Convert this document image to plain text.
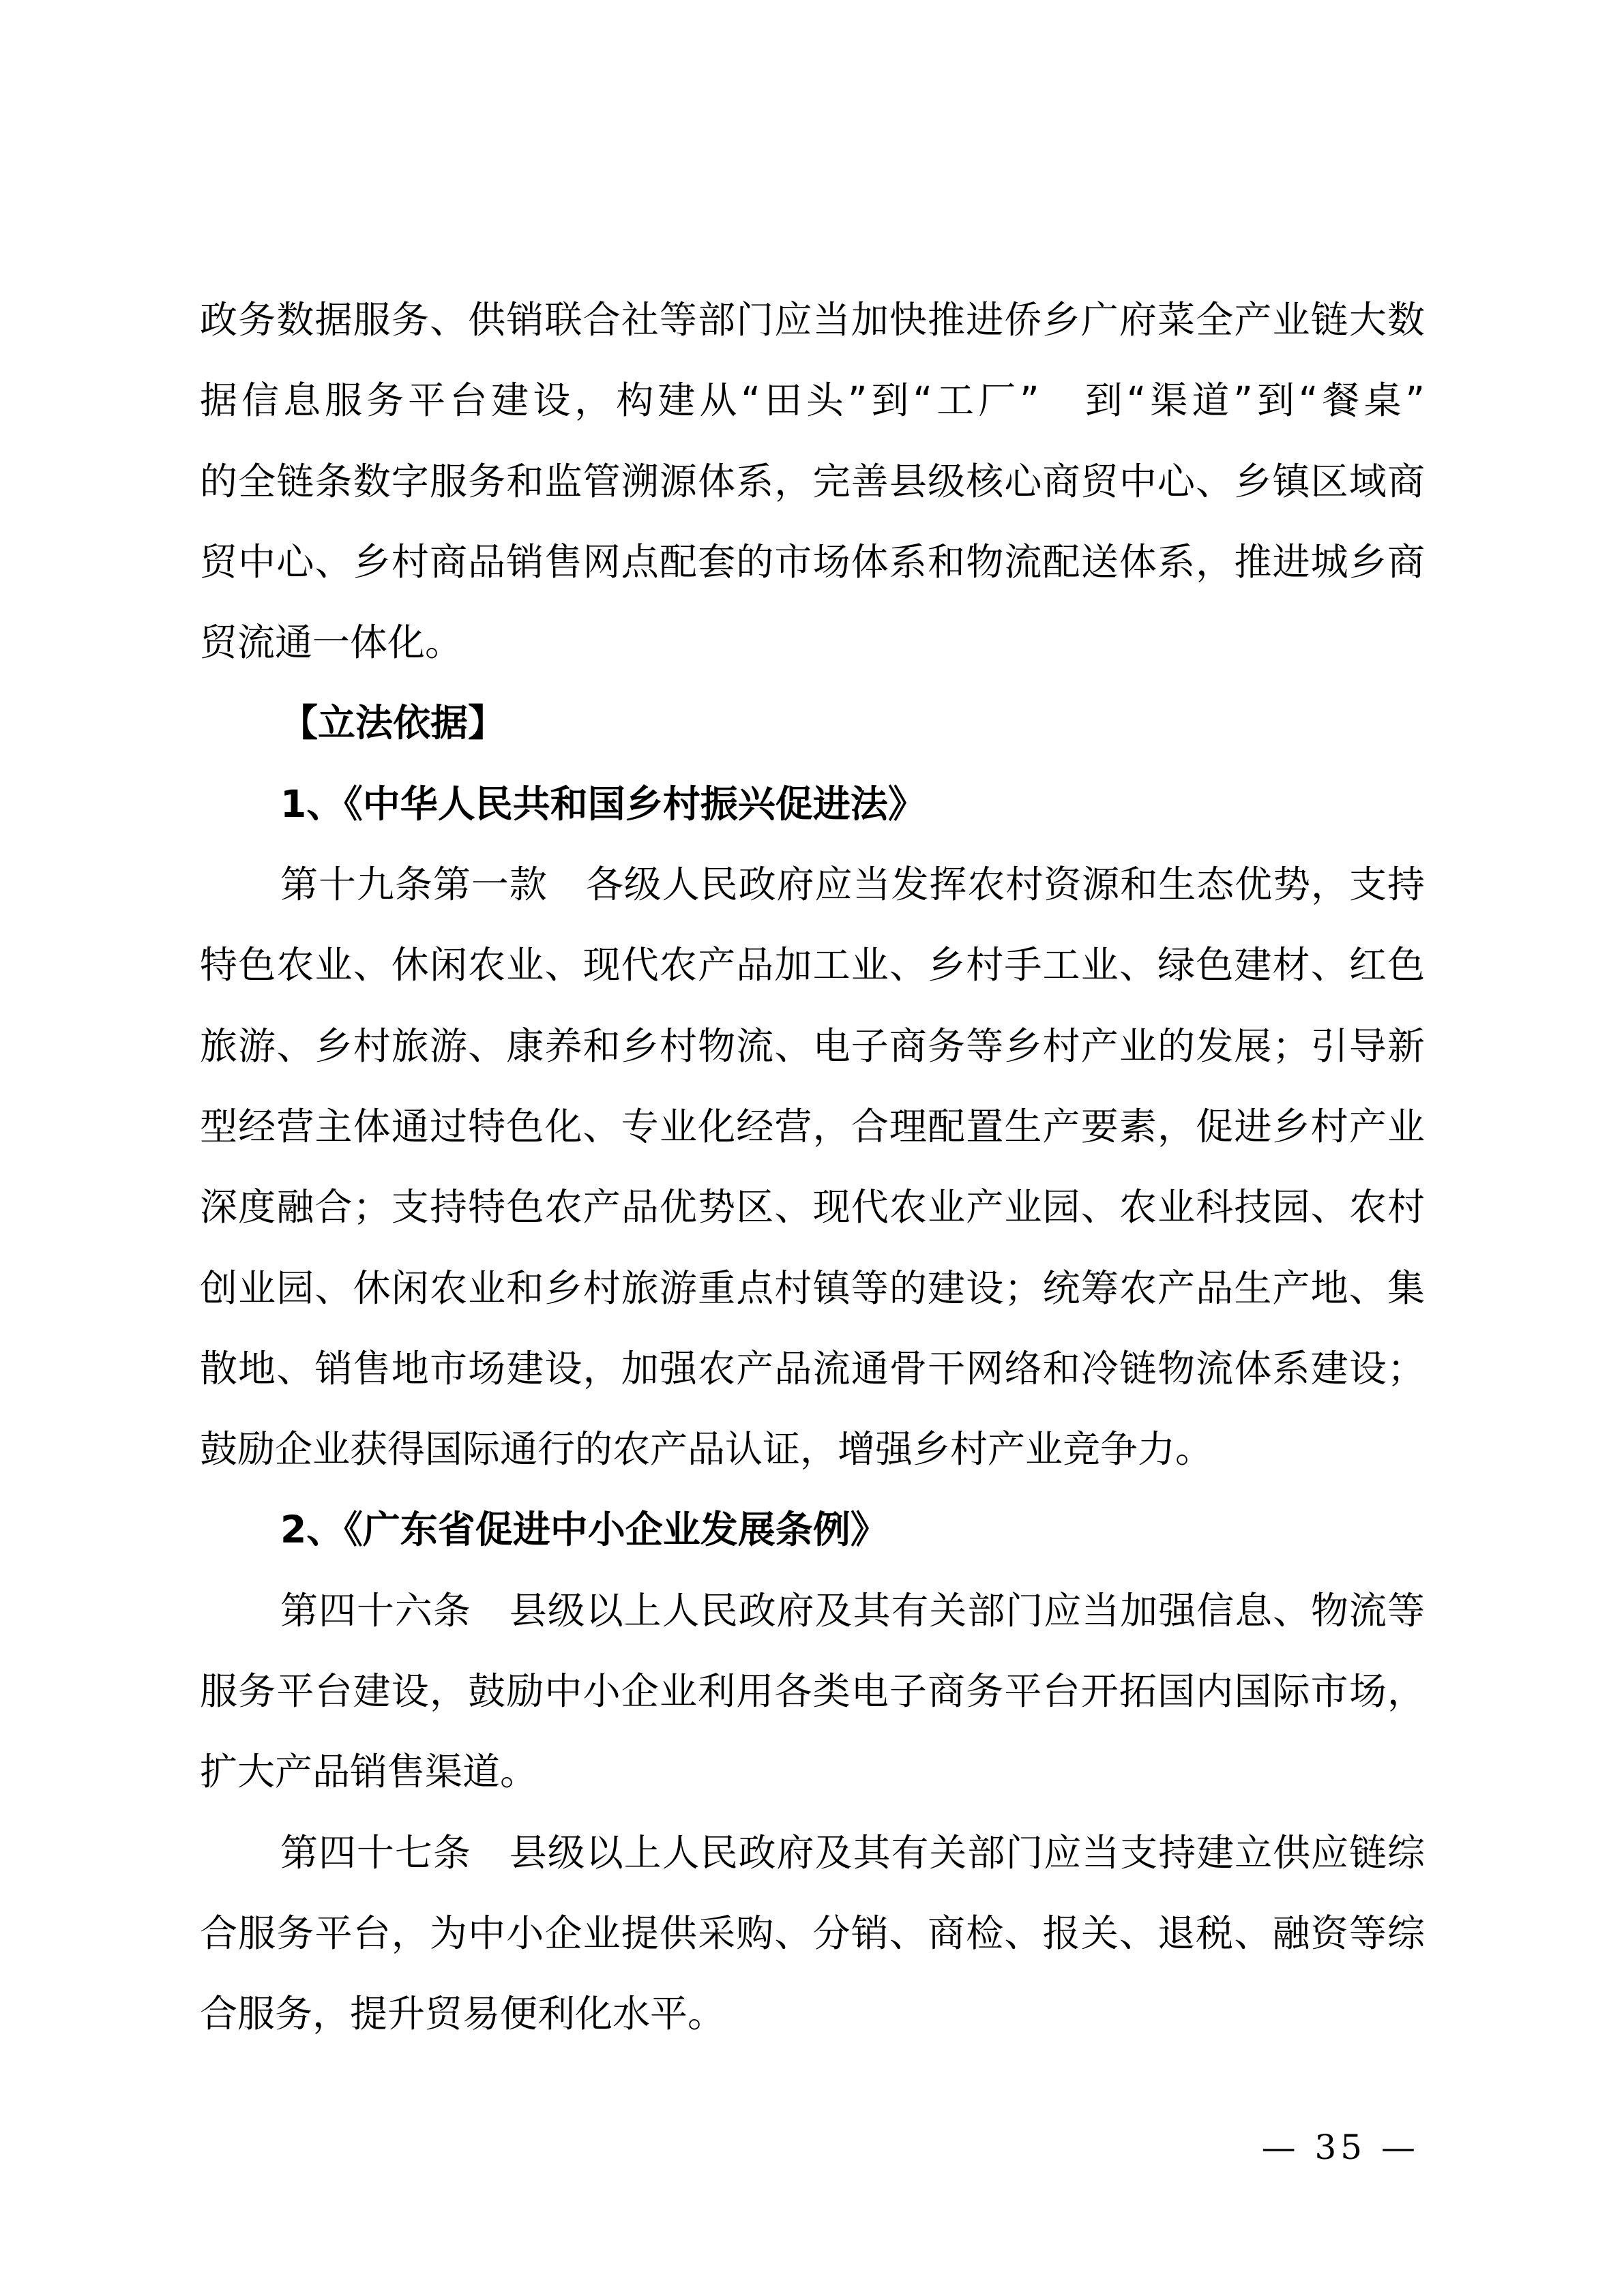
政务数据服务、供销联合社等部门应当加快推进侨乡广府菜全产业链大数
据信息服务平台建设，构建从“田头”到“工厂”　到“渠道”到“餐桌”
的全链条数字服务和监管溯源体系，完善县级核心商贸中心、乡镇区域商
贸中心、乡村商品销售网点配套的市场体系和物流配送体系，推进城乡商
贸流通一体化。
【立法依据】
1、《中华人民共和国乡村振兴促进法》
第十九条第一款　各级人民政府应当发挥农村资源和生态优势，支持
特色农业、休闲农业、现代农产品加工业、乡村手工业、绿色建材、红色
旅游、乡村旅游、康养和乡村物流、电子商务等乡村产业的发展；引导新
型经营主体通过特色化、专业化经营，合理配置生产要素，促进乡村产业
深度融合；支持特色农产品优势区、现代农业产业园、农业科技园、农村
创业园、休闲农业和乡村旅游重点村镇等的建设；统筹农产品生产地、集
散地、销售地市场建设，加强农产品流通骨干网络和冷链物流体系建设；
鼓励企业获得国际通行的农产品认证，增强乡村产业竞争力。
2、《广东省促进中小企业发展条例》
第四十六条　县级以上人民政府及其有关部门应当加强信息、物流等
服务平台建设，鼓励中小企业利用各类电子商务平台开拓国内国际市场，
扩大产品销售渠道。
第四十七条　县级以上人民政府及其有关部门应当支持建立供应链综
合服务平台，为中小企业提供采购、分销、商检、报关、退税、融资等综
合服务，提升贸易便利化水平。
— 35 —
